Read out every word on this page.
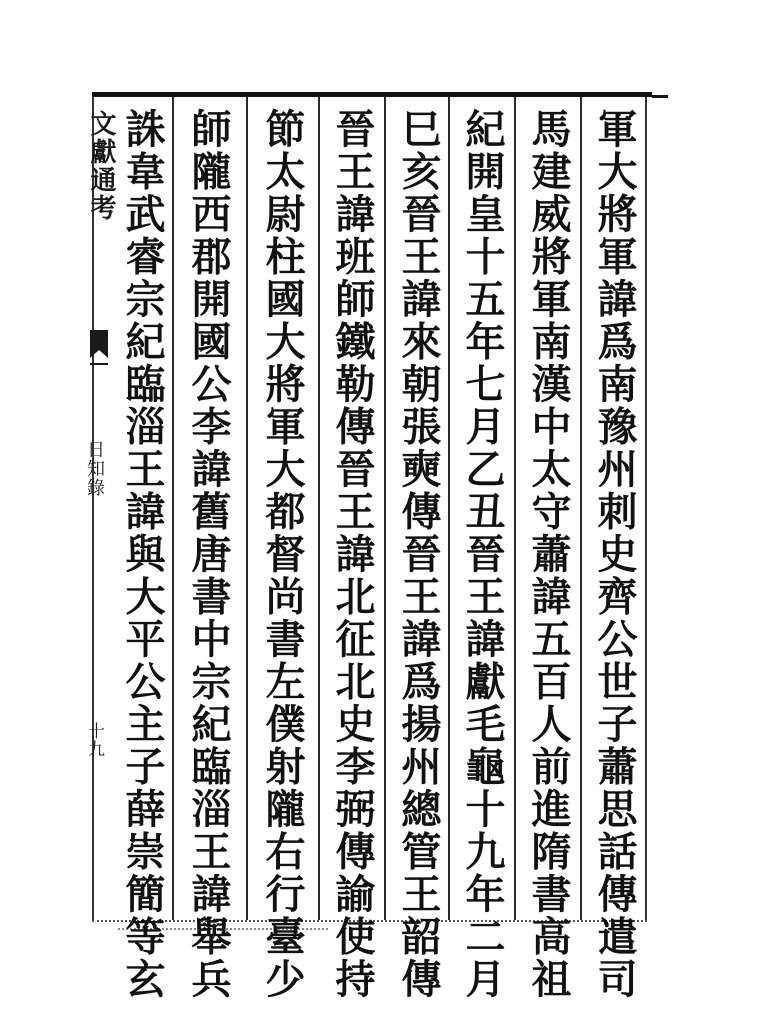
文獻通考
日知錄
十九	軍大將軍諱爲南豫州刺史齊公世子蕭思話傳遣司
馬建威將軍南漢中太守蕭諱五百人前進隋書高祖
紀開皇十五年七月乙丑晉王諱獻毛龜十九年二月
巳亥晉王諱來朝張奭傳晉王諱爲揚州總管王韶傳
晉王諱班師鐵勒傳晉王諱北征北史李弼傳諭使持
節太尉柱國大將軍大都督尚書左僕射隴右行臺少
師隴西郡開國公李諱舊唐書中宗紀臨淄王諱舉兵
誅韋武睿宗紀臨淄王諱與大平公主子薛崇簡等玄
